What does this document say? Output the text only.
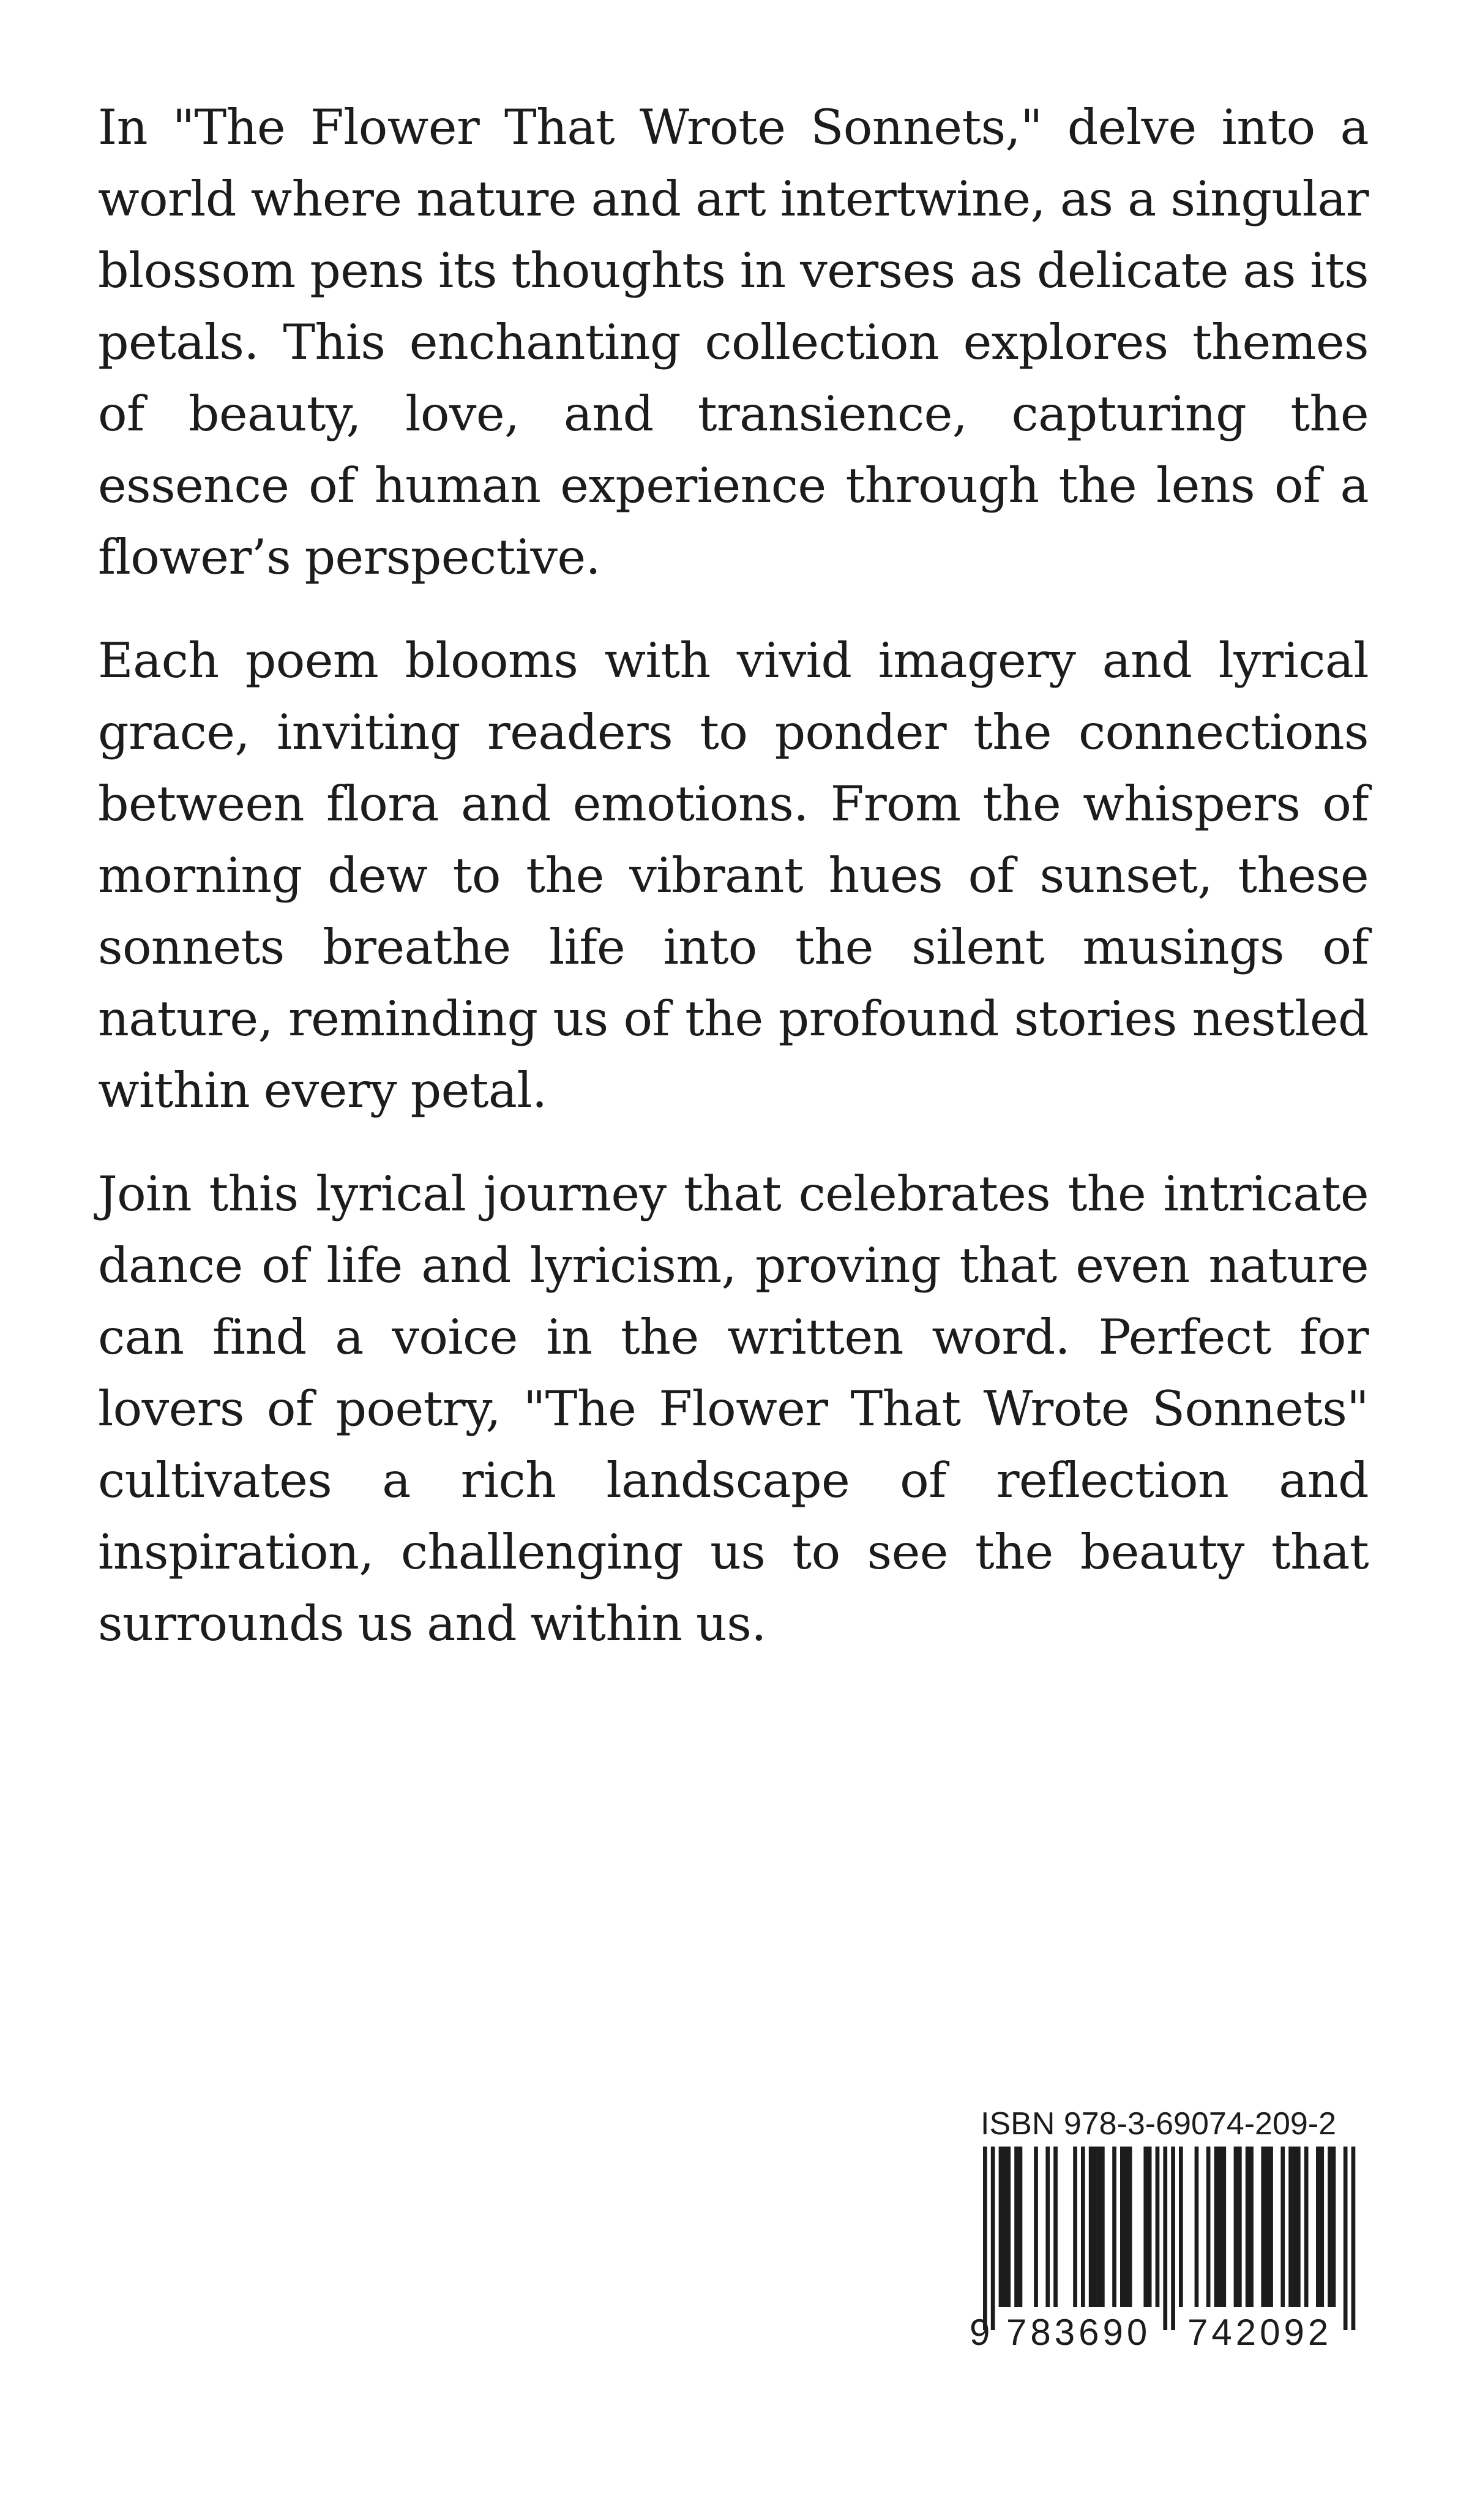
In "The Flower That Wrote Sonnets," delve into a world where nature and art intertwine, as a singular blossom pens its thoughts in verses as delicate as its petals. This enchanting collection explores themes of beauty, love, and transience, capturing the essence of human experience through the lens of a flower’s perspective.

Each poem blooms with vivid imagery and lyrical grace, inviting readers to ponder the connections between flora and emotions. From the whispers of morning dew to the vibrant hues of sunset, these sonnets breathe life into the silent musings of nature, reminding us of the profound stories nestled within every petal.

Join this lyrical journey that celebrates the intricate dance of life and lyricism, proving that even nature can find a voice in the written word. Perfect for lovers of poetry, "The Flower That Wrote Sonnets" cultivates a rich landscape of reflection and inspiration, challenging us to see the beauty that surrounds us and within us.

ISBN 978-3-69074-209-2
9 783690 742092
